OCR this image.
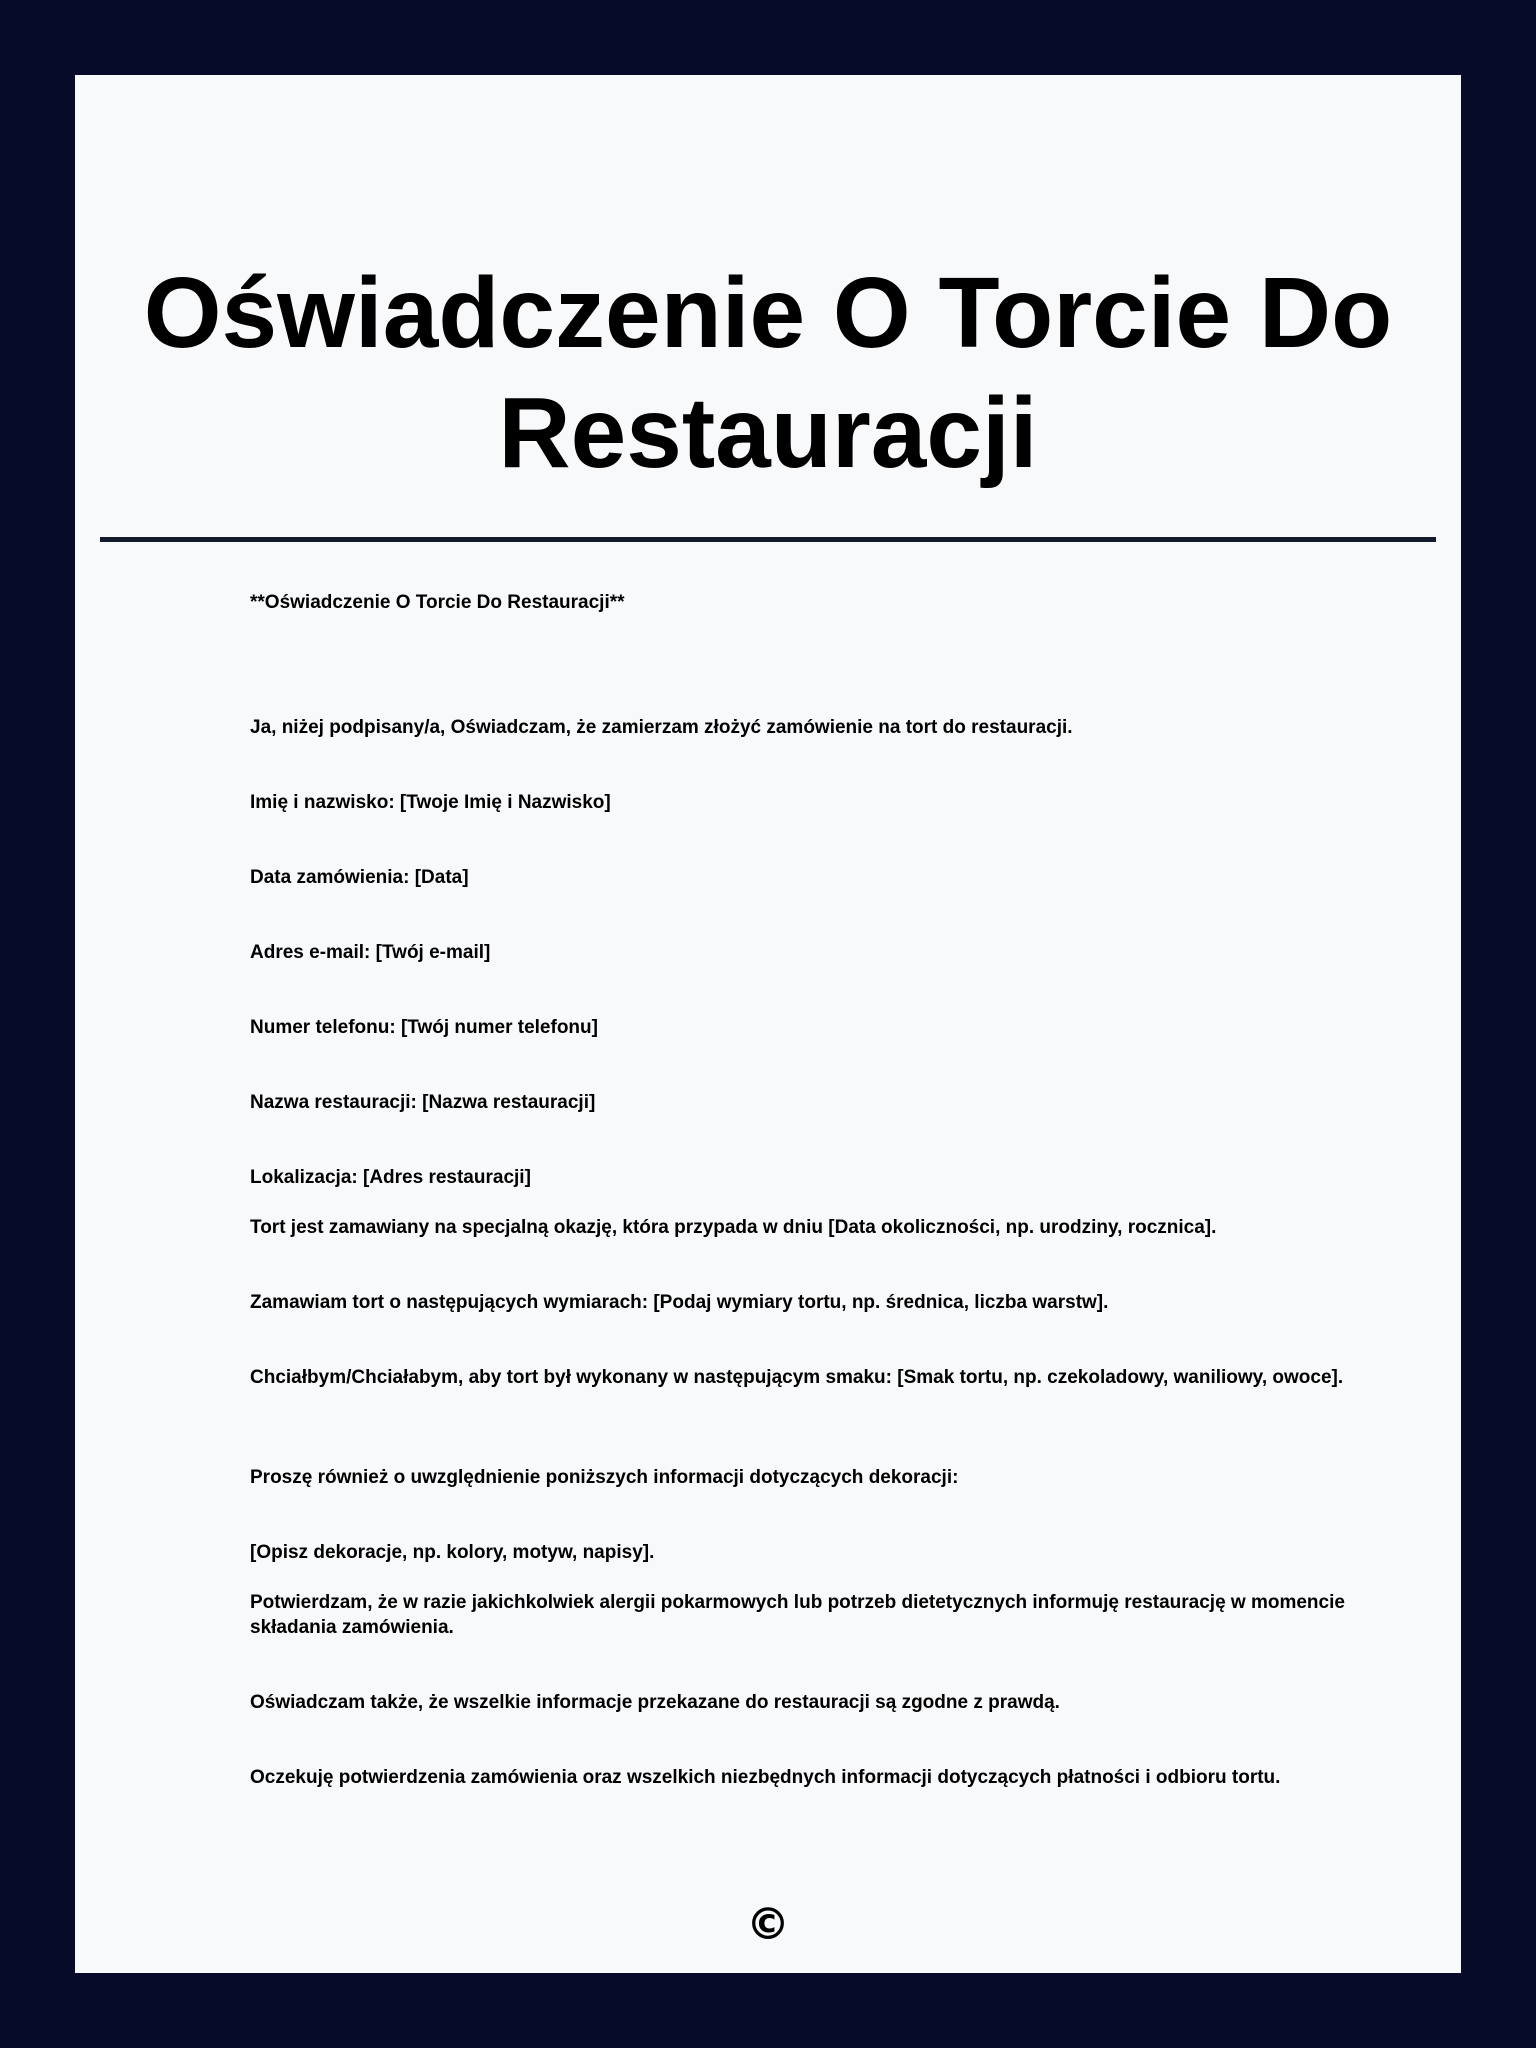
Oświadczenie O Torcie Do Restauracji

**Oświadczenie O Torcie Do Restauracji**

Ja, niżej podpisany/a, Oświadczam, że zamierzam złożyć zamówienie na tort do restauracji.

Imię i nazwisko: [Twoje Imię i Nazwisko]

Data zamówienia: [Data]

Adres e-mail: [Twój e-mail]

Numer telefonu: [Twój numer telefonu]

Nazwa restauracji: [Nazwa restauracji]

Lokalizacja: [Adres restauracji]

Tort jest zamawiany na specjalną okazję, która przypada w dniu [Data okoliczności, np. urodziny, rocznica].

Zamawiam tort o następujących wymiarach: [Podaj wymiary tortu, np. średnica, liczba warstw].

Chciałbym/Chciałabym, aby tort był wykonany w następującym smaku: [Smak tortu, np. czekoladowy, waniliowy, owoce].

Proszę również o uwzględnienie poniższych informacji dotyczących dekoracji:

[Opisz dekoracje, np. kolory, motyw, napisy].

Potwierdzam, że w razie jakichkolwiek alergii pokarmowych lub potrzeb dietetycznych informuję restaurację w momencie składania zamówienia.

Oświadczam także, że wszelkie informacje przekazane do restauracji są zgodne z prawdą.

Oczekuję potwierdzenia zamówienia oraz wszelkich niezbędnych informacji dotyczących płatności i odbioru tortu.

©
